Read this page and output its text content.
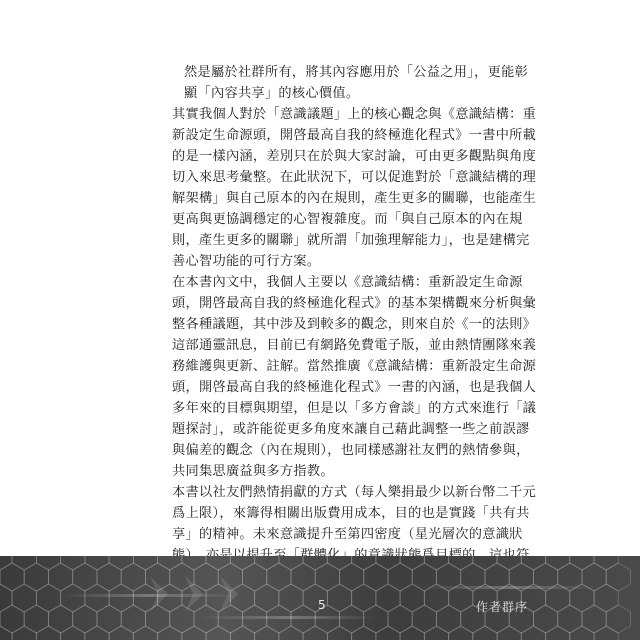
然是屬於社群所有，將其內容應用於「公益之用」，更能彰
顯「內容共享」的核心價值。
其實我個人對於「意識議題」上的核心觀念與《意識結構：重
新設定生命源頭，開啓最高自我的終極進化程式》一書中所載
的是一樣內涵，差別只在於與大家討論，可由更多觀點與角度
切入來思考彙整。在此狀況下，可以促進對於「意識結構的理
解架構」與自己原本的內在規則，產生更多的關聯，也能產生
更高與更協調穩定的心智複雜度。而「與自己原本的內在規
則，產生更多的關聯」就所謂「加強理解能力」，也是建構完
善心智功能的可行方案。
在本書內文中，我個人主要以《意識結構：重新設定生命源
頭，開啓最高自我的終極進化程式》的基本架構觀來分析與彙
整各種議題，其中涉及到較多的觀念，則來自於《一的法則》
這部通靈訊息，目前已有網路免費電子版，並由熱情團隊來義
務維護與更新、註解。當然推廣《意識結構：重新設定生命源
頭，開啓最高自我的終極進化程式》一書的內涵，也是我個人
多年來的目標與期望，但是以「多方會談」的方式來進行「議
題探討」，或許能從更多角度來讓自己藉此調整一些之前誤謬
與偏差的觀念（內在規則），也同樣感謝社友們的熱情參與，
共同集思廣益與多方指教。
本書以社友們熱情捐獻的方式（每人樂捐最少以新台幣二千元
爲上限），來籌得相關出版費用成本，目的也是實踐「共有共
享」的精神。未來意識提升至第四密度（星光層次的意識狀
5	作者群序
